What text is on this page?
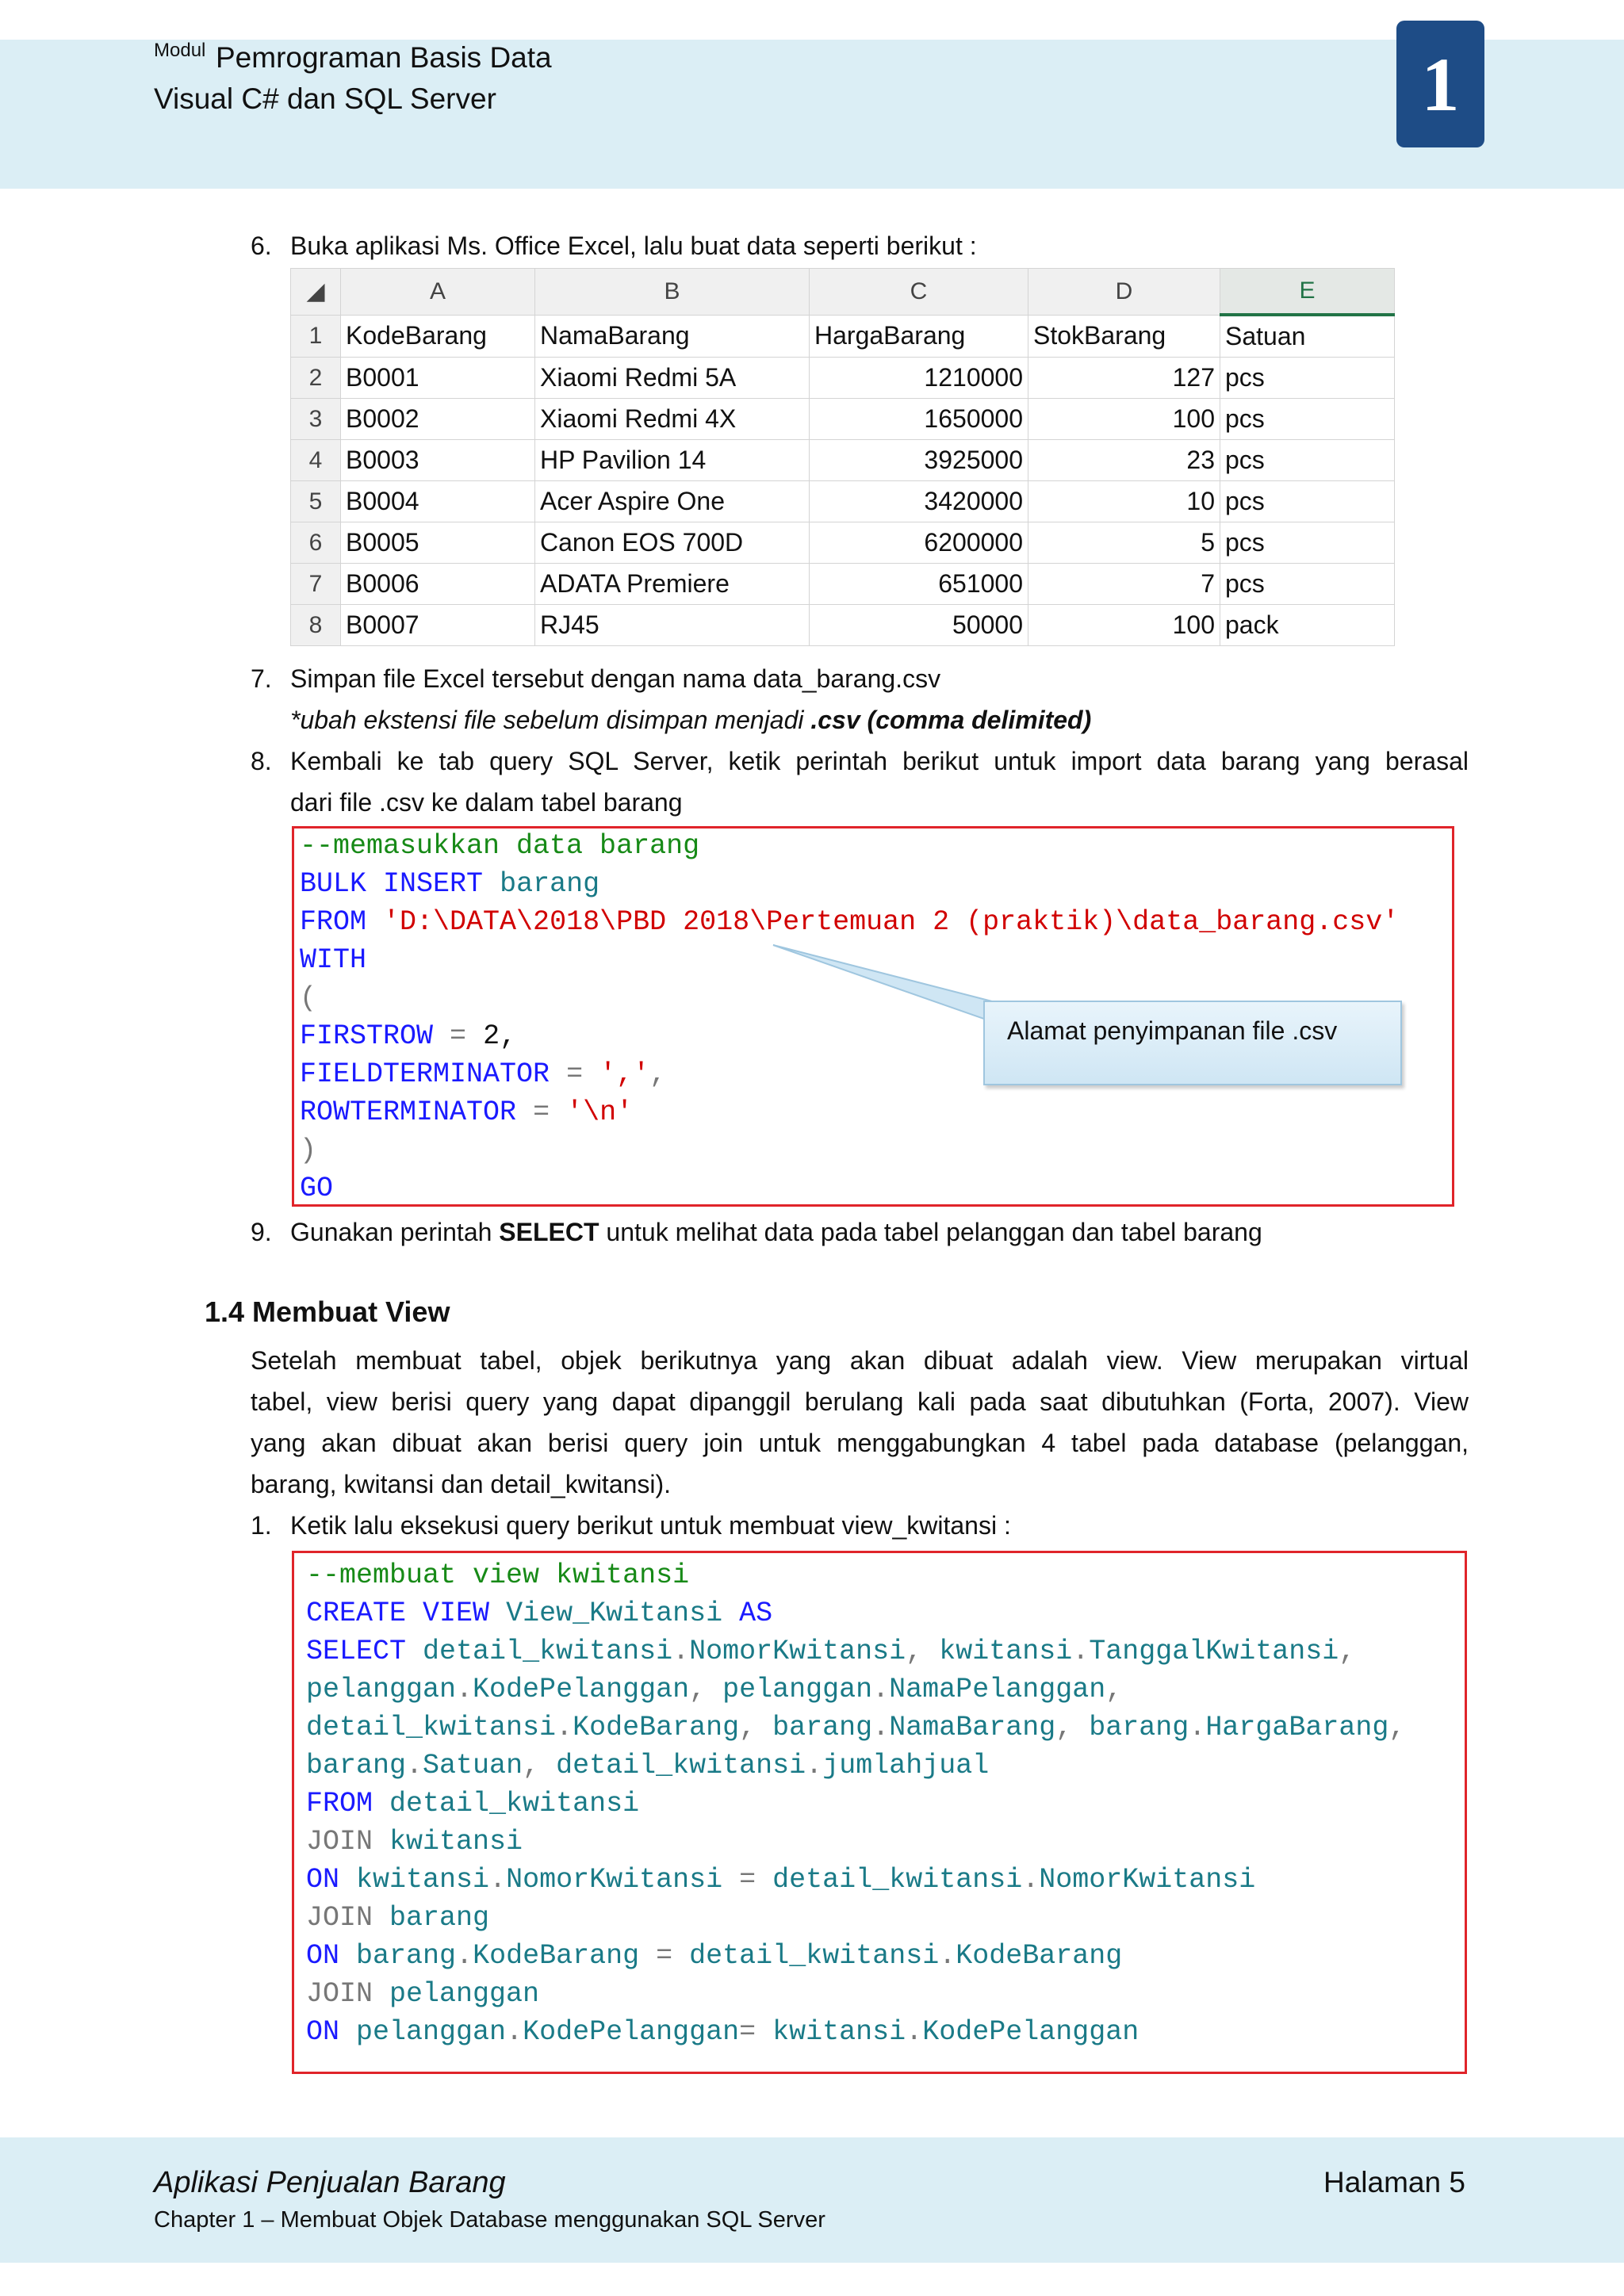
Modul Pemrograman Basis Data
Visual C# dan SQL Server	1
6. Buka aplikasi Ms. Office Excel, lalu buat data seperti berikut :
◢	A	B	C	D	E
1	KodeBarang	NamaBarang	HargaBarang	StokBarang	Satuan
2	B0001	Xiaomi Redmi 5A	1210000	127	pcs
3	B0002	Xiaomi Redmi 4X	1650000	100	pcs
4	B0003	HP Pavilion 14	3925000	23	pcs
5	B0004	Acer Aspire One	3420000	10	pcs
6	B0005	Canon EOS 700D	6200000	5	pcs
7	B0006	ADATA Premiere	651000	7	pcs
8	B0007	RJ45	50000	100	pack
7. Simpan file Excel tersebut dengan nama data_barang.csv
*ubah ekstensi file sebelum disimpan menjadi .csv (comma delimited)
8. Kembali ke tab query SQL Server, ketik perintah berikut untuk import data barang yang berasal
dari file .csv ke dalam tabel barang
--memasukkan data barang
BULK INSERT barang
FROM 'D:\DATA\2018\PBD 2018\Pertemuan 2 (praktik)\data_barang.csv'
WITH
(
FIRSTROW = 2,
FIELDTERMINATOR = ',',
ROWTERMINATOR = '\n'
)
GO
Alamat penyimpanan file .csv
9. Gunakan perintah SELECT untuk melihat data pada tabel pelanggan dan tabel barang
1.4 Membuat View
Setelah membuat tabel, objek berikutnya yang akan dibuat adalah view. View merupakan virtual
tabel, view berisi query yang dapat dipanggil berulang kali pada saat dibutuhkan (Forta, 2007). View
yang akan dibuat akan berisi query join untuk menggabungkan 4 tabel pada database (pelanggan,
barang, kwitansi dan detail_kwitansi).
1. Ketik lalu eksekusi query berikut untuk membuat view_kwitansi :
--membuat view kwitansi
CREATE VIEW View_Kwitansi AS
SELECT detail_kwitansi.NomorKwitansi, kwitansi.TanggalKwitansi,
pelanggan.KodePelanggan, pelanggan.NamaPelanggan,
detail_kwitansi.KodeBarang, barang.NamaBarang, barang.HargaBarang,
barang.Satuan, detail_kwitansi.jumlahjual
FROM detail_kwitansi
JOIN kwitansi
ON kwitansi.NomorKwitansi = detail_kwitansi.NomorKwitansi
JOIN barang
ON barang.KodeBarang = detail_kwitansi.KodeBarang
JOIN pelanggan
ON pelanggan.KodePelanggan= kwitansi.KodePelanggan
Aplikasi Penjualan Barang
Chapter 1 – Membuat Objek Database menggunakan SQL Server
Halaman 5
